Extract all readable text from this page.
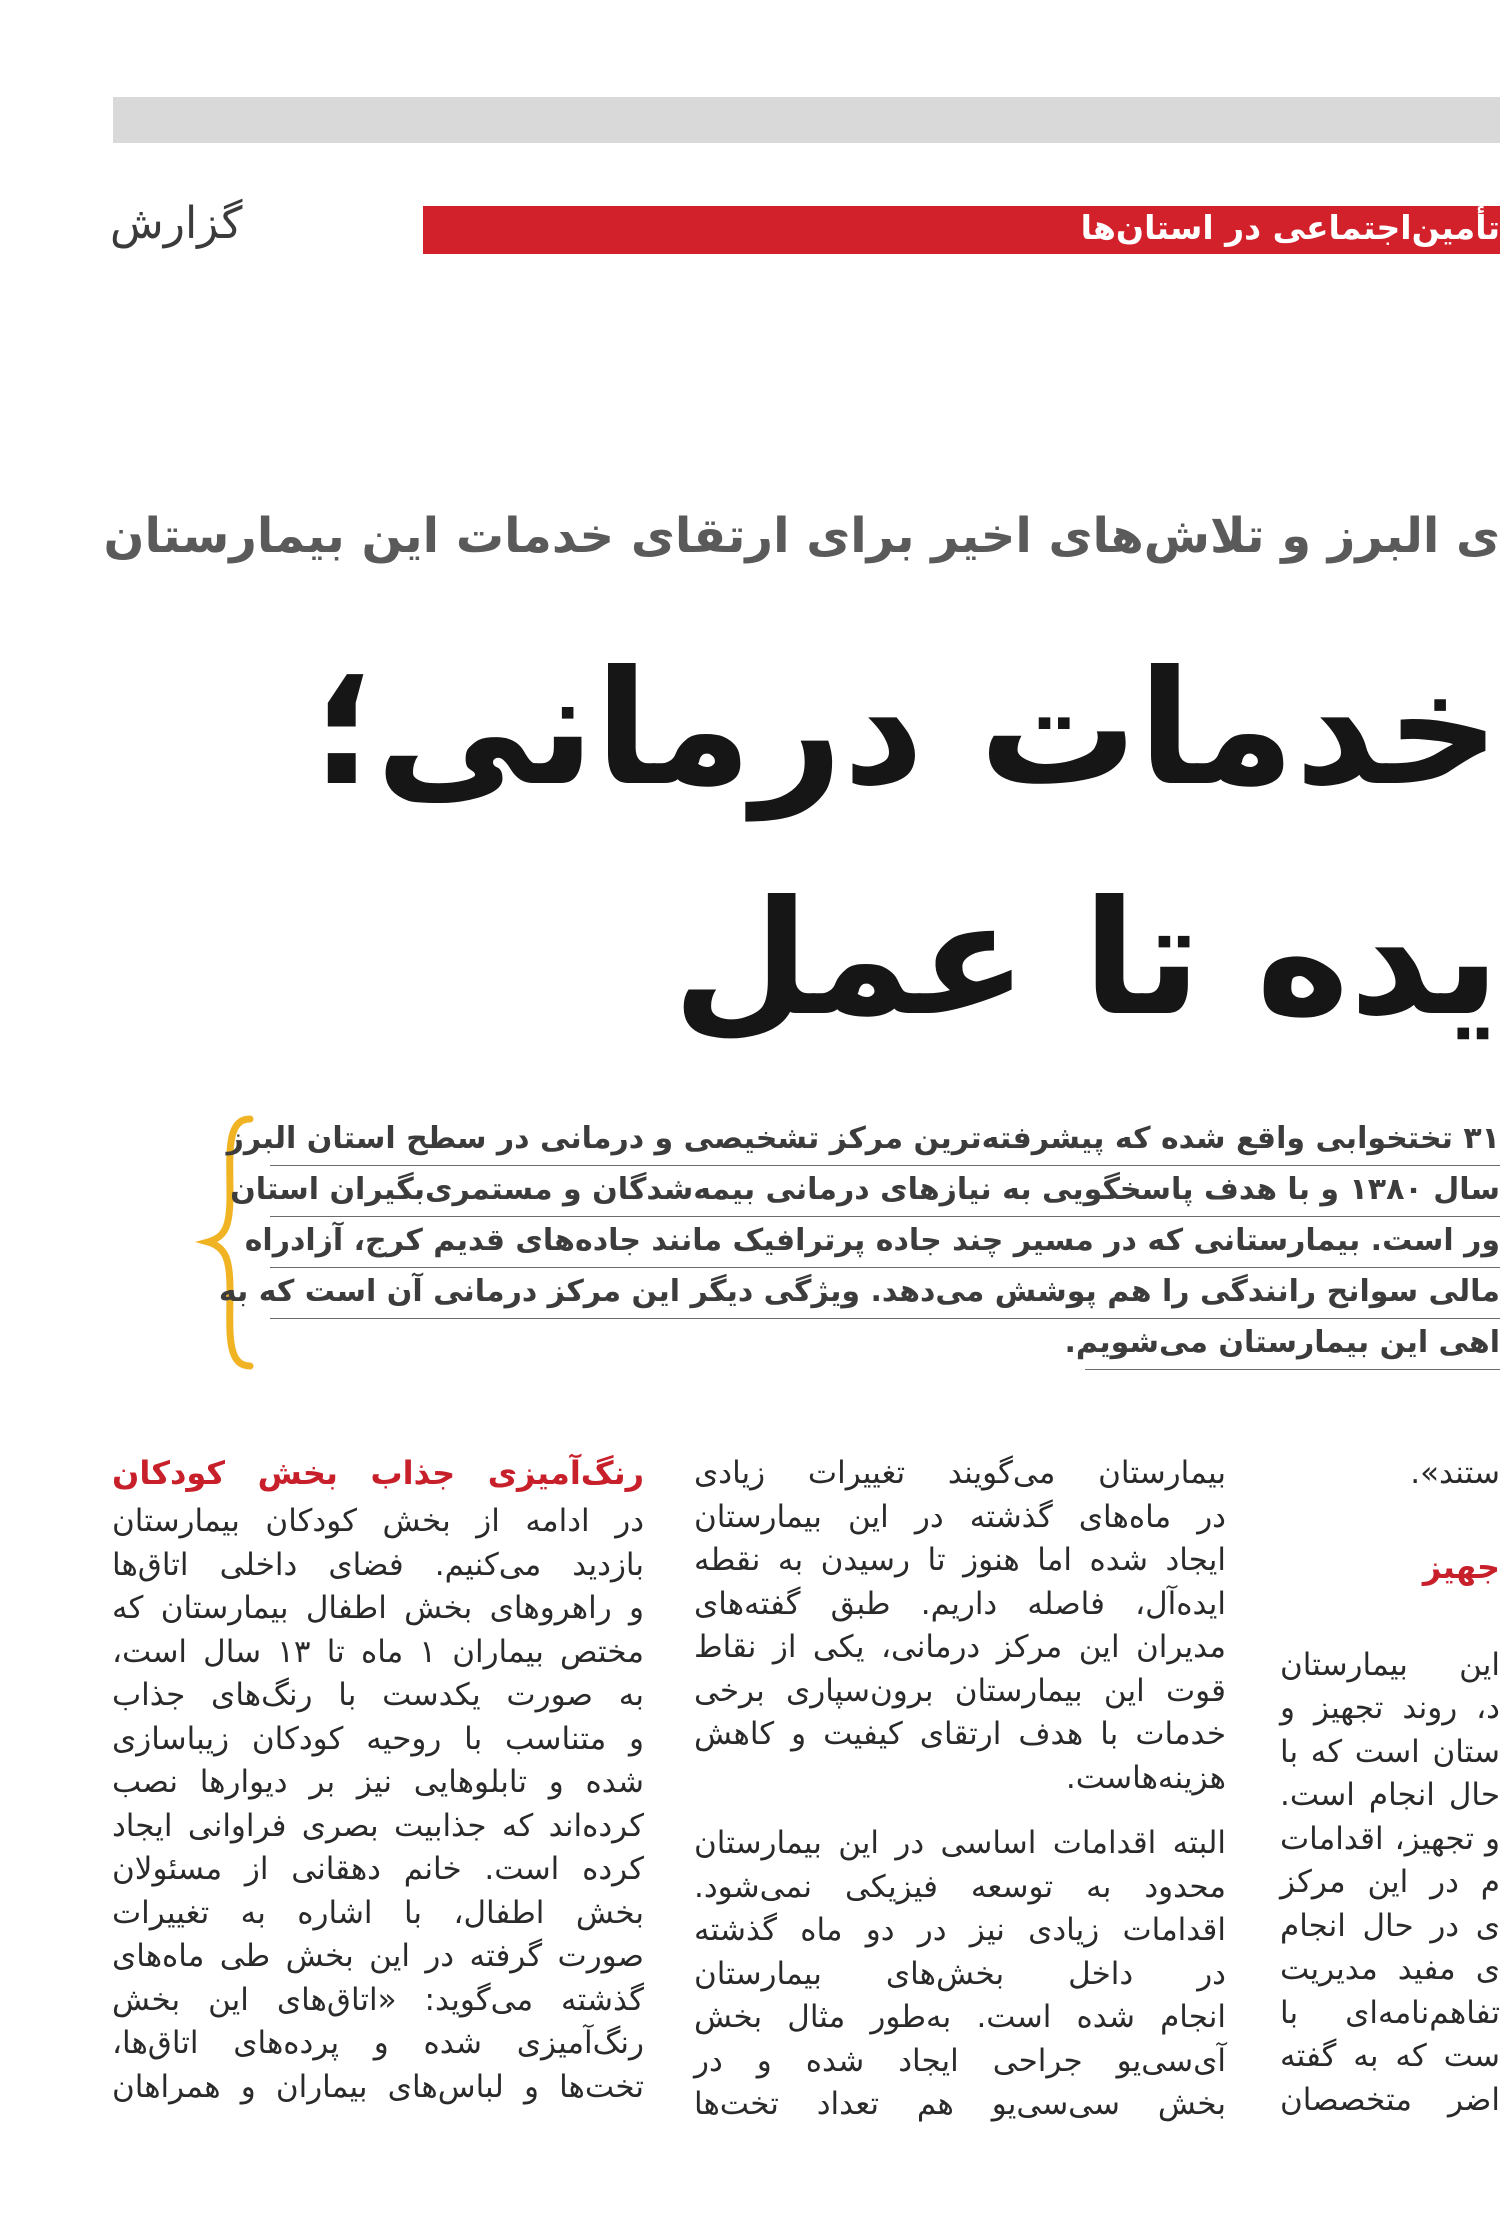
گزارش	تأمین‌اجتماعی در استان‌ها
ی البرز و تلاش‌های اخیر برای ارتقای خدمات این بیمارستان
خدمات درمانی؛
یده تا عمل
۳۱ تختخوابی واقع شده که پیشرفته‌ترین مرکز تشخیصی و درمانی در سطح استان البرز
سال ۱۳۸۰ و با هدف پاسخگویی به نیازهای درمانی بیمه‌شدگان و مستمری‌بگیران استان
ور است. بیمارستانی که در مسیر چند جاده پرترافیک مانند جاده‌های قدیم کرج، آزادراه
مالی سوانح رانندگی را هم پوشش می‌دهد. ویژگی دیگر این مرکز درمانی آن است که به
اهی این بیمارستان می‌شویم.
رنگ‌آمیزی جذاب بخش کودکان
در ادامه از بخش کودکان بیمارستان
بازدید می‌کنیم. فضای داخلی اتاق‌ها
و راهروهای بخش اطفال بیمارستان که
مختص بیماران ۱ ماه تا ۱۳ سال است،
به صورت یکدست با رنگ‌های جذاب
و متناسب با روحیه کودکان زیباسازی
شده و تابلوهایی نیز بر دیوارها نصب
کرده‌اند که جذابیت بصری فراوانی ایجاد
کرده است. خانم دهقانی از مسئولان
بخش اطفال، با اشاره به تغییرات
صورت گرفته در این بخش طی ماه‌های
گذشته می‌گوید: «اتاق‌های این بخش
رنگ‌آمیزی شده و پرده‌های اتاق‌ها،
تخت‌ها و لباس‌های بیماران و همراهان
بیمارستان می‌گویند تغییرات زیادی
در ماه‌های گذشته در این بیمارستان
ایجاد شده اما هنوز تا رسیدن به نقطه
ایده‌آل، فاصله داریم. طبق گفته‌های
مدیران این مرکز درمانی، یکی از نقاط
قوت این بیمارستان برون‌سپاری برخی
خدمات با هدف ارتقای کیفیت و کاهش
هزینه‌هاست.
البته اقدامات اساسی در این بیمارستان
محدود به توسعه فیزیکی نمی‌شود.
اقدامات زیادی نیز در دو ماه گذشته
در داخل بخش‌های بیمارستان
انجام شده است. به‌طور مثال بخش
آی‌سی‌یو جراحی ایجاد شده و در
بخش سی‌سی‌یو هم تعداد تخت‌ها
ستند».
جهیز
این بیمارستان
د، روند تجهیز و
ستان است که با
حال انجام است.
و تجهیز، اقدامات
م در این مرکز
ی در حال انجام
ی مفید مدیریت
تفاهم‌نامه‌ای با
ست که به گفته
اضر متخصصان
